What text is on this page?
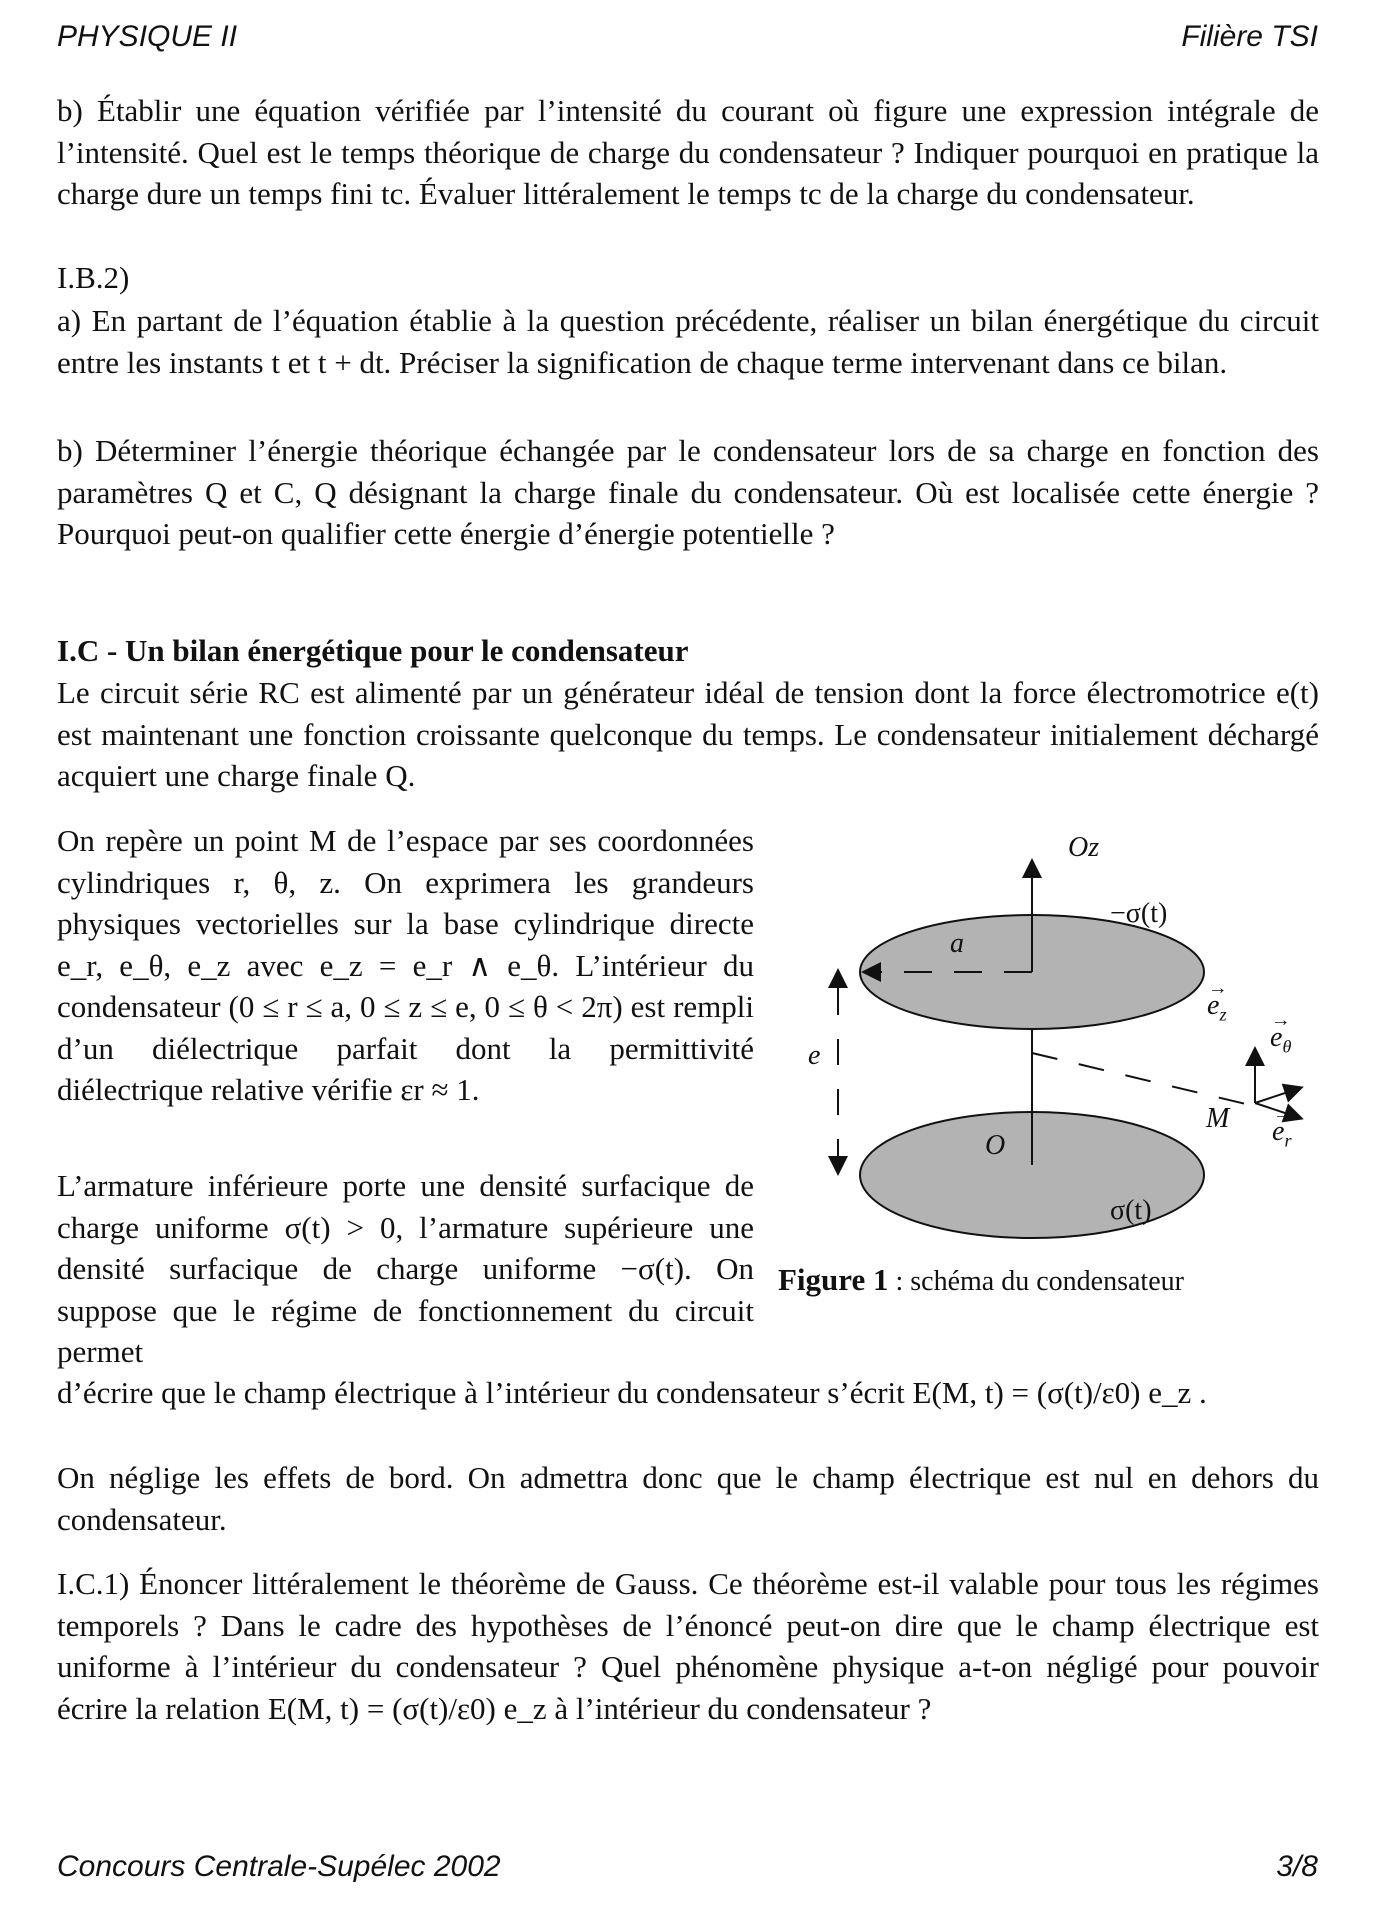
PHYSIQUE II	Filière TSI

b) Établir une équation vérifiée par l’intensité du courant où figure une expression intégrale de l’intensité. Quel est le temps théorique de charge du condensateur ? Indiquer pourquoi en pratique la charge dure un temps fini tc. Évaluer littéralement le temps tc de la charge du condensateur.

I.B.2)

a) En partant de l’équation établie à la question précédente, réaliser un bilan énergétique du circuit entre les instants t et t + dt. Préciser la signification de chaque terme intervenant dans ce bilan.

b) Déterminer l’énergie théorique échangée par le condensateur lors de sa charge en fonction des paramètres Q et C, Q désignant la charge finale du condensateur. Où est localisée cette énergie ? Pourquoi peut-on qualifier cette énergie d’énergie potentielle ?

I.C - Un bilan énergétique pour le condensateur

Le circuit série RC est alimenté par un générateur idéal de tension dont la force électromotrice e(t) est maintenant une fonction croissante quelconque du temps. Le condensateur initialement déchargé acquiert une charge finale Q.

On repère un point M de l’espace par ses coordonnées cylindriques r, θ, z. On exprimera les grandeurs physiques vectorielles sur la base cylindrique directe e_r, e_θ, e_z avec e_z = e_r ∧ e_θ. L’intérieur du condensateur (0 ≤ r ≤ a, 0 ≤ z ≤ e, 0 ≤ θ < 2π) est rempli d’un diélectrique parfait dont la permittivité diélectrique relative vérifie εr ≈ 1.

L’armature inférieure porte une densité surfacique de charge uniforme σ(t) > 0, l’armature supérieure une densité surfacique de charge uniforme −σ(t). On suppose que le régime de fonctionnement du circuit permet

d’écrire que le champ électrique à l’intérieur du condensateur s’écrit E(M, t) = (σ(t)/ε0) e_z .

On néglige les effets de bord. On admettra donc que le champ électrique est nul en dehors du condensateur.

I.C.1) Énoncer littéralement le théorème de Gauss. Ce théorème est-il valable pour tous les régimes temporels ? Dans le cadre des hypothèses de l’énoncé peut-on dire que le champ électrique est uniforme à l’intérieur du condensateur ? Quel phénomène physique a-t-on négligé pour pouvoir écrire la relation E(M, t) = (σ(t)/ε0) e_z à l’intérieur du condensateur ?

Oz
−σ(t)
a
e
O
M
σ(t)
→ $e_z$
→ $e_\theta$
→ $e_r$
Figure 1 : schéma du condensateur
Concours Centrale-Supélec 2002	3/8
